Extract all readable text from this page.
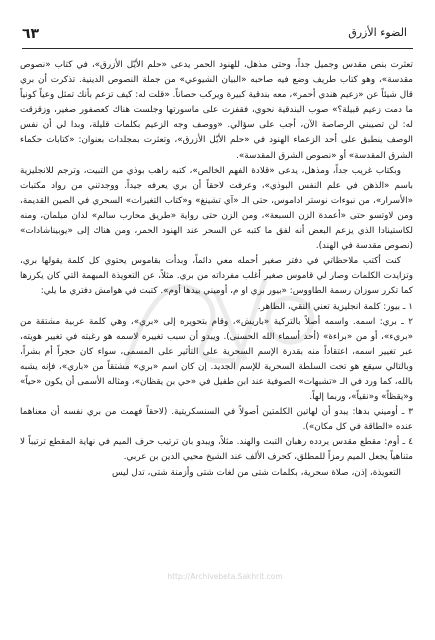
٦٣	الضوء الأزرق

تعثرت بنص مقدس وجميل جداً، وحتى مذهل، للهنود الحمر يدعى «حلم الأيّل الأزرق»، في كتاب «نصوص مقدسة»، وهو كتاب طريف وضع فيه صاحبه «البيان الشيوعي» من جملة النصوص الدينية. تذكرت أن بري قال شيئاً عن «زعيم هندي أحمر»، معه بندقية كبيرة ويركب حصاناً. «قلت له: كيف تزعم بأنك تمثل وعياً كونياً ما دمت زعيم قبيلة؟» صوب البندقية نحوي، فقفزت على ماسورتها وجلست هناك كعصفور صغير، وزقزقت له: لن تصيبني الرصاصة الآن، أجب على سؤالي. «ووصف وجه الزعيم بكلمات قليلة، وبدا لي أن نفس الوصف ينطبق على أحد الزعماء الهنود في «حلم الأيّل الأزرق»، وتعثرت بمجلدات بعنوان: «كتابات حكماء الشرق المقدسة» أو «نصوص الشرق المقدسة».

وبكتاب غريب جداً، ومذهل، يدعى «قلادة الفهم الخالص»، كتبه راهب بوذي من التبيت، وترجم للانجليزية باسم «الذهن في علم النفس البوذي»، وعرفت لاحقاً أن بري يعرفه جيداً. ووجدتني من رواد مكتبات «الأسرار»، من نبوءات نوستر اداموس، حتى الـ «آي تشينغ» و«كتاب التغيرات» السحري في الصين القديمة، ومن لاوتسو حتى «أعمدة الزن السبعة»، ومن الزن حتى رواية «طريق محارب سالم» لدان ميلمان، ومنه لكاستينادا الذي يزعم البعض أنه لفق ما كتبه عن السحر عند الهنود الحمر، ومن هناك إلى «يوبيناشادات» (نصوص مقدسة في الهند).

كنت أكتب ملاحظاتي في دفتر صغير أحمله معي دائماً، وبدأت بقاموس يحتوي كل كلمة يقولها بري، وتزايدت الكلمات وصار لي قاموس صغير أغلب مفرداته من بري. مثلاً، عن التعويذة المبهمة التي كان يكررها كما تكرر سوزان رسمة الطاووس: «بيور بري او م، أوميني بيدها أوم». كتبت في هوامش دفتري ما يلي:

١ ـ بيور: كلمة انجليزية تعني النقي، الطاهر.

٢ ـ بري: اسمه. واسمه أصلاً بالتركية «باريش»، وقام بتحويره إلى «بري»، وهي كلمة عربية مشتقة من «بريء»، أو من «براءة» (أحد أسماء الله الحسنى). ويبدو أن سبب تغييره لاسمه هو رغبته في تغيير هويته، عبر تغيير اسمه، اعتقاداً منه بقدرة الإسم السحرية على التأثير على المسمى، سواء كان حجراً أم بشراً، وبالتالي سيقع هو تحت السلطة السحرية للإسم الجديد. إن كان اسم «بري» مشتقاً من «باري»، فإنه يشبه بالله، كما ورد في الـ «تشبهات» الصوفية عند ابن طفيل في «حي بن يقظان»، ومثاله الأسمى أن يكون «حياً» و«يقظاً» و«نقياً»، وربما إلهاً.

٣ ـ أوميني بدها: يبدو أن لهاتين الكلمتين أصولاً في السنسكريتية. (لاحقاً فهمت من بري نفسه أن معناهما عنده «الطاقة في كل مكان»).

٤ ـ أوم: مقطع مقدس يردده رهبان التبت والهند. مثلاً، ويبدو بان ترتيب حرف الميم في نهاية المقطع ترتيباً لا متناهياً يجعل الميم رمزاً للمطلق، كحرف الألف عند الشيخ محيي الدين بن عربي.

التعويذة، إذن، صلاة سحرية، بكلمات شتى من لغات شتى وأزمنة شتى، تدل ليس

http://Archivebeta.Sakhrit.com
